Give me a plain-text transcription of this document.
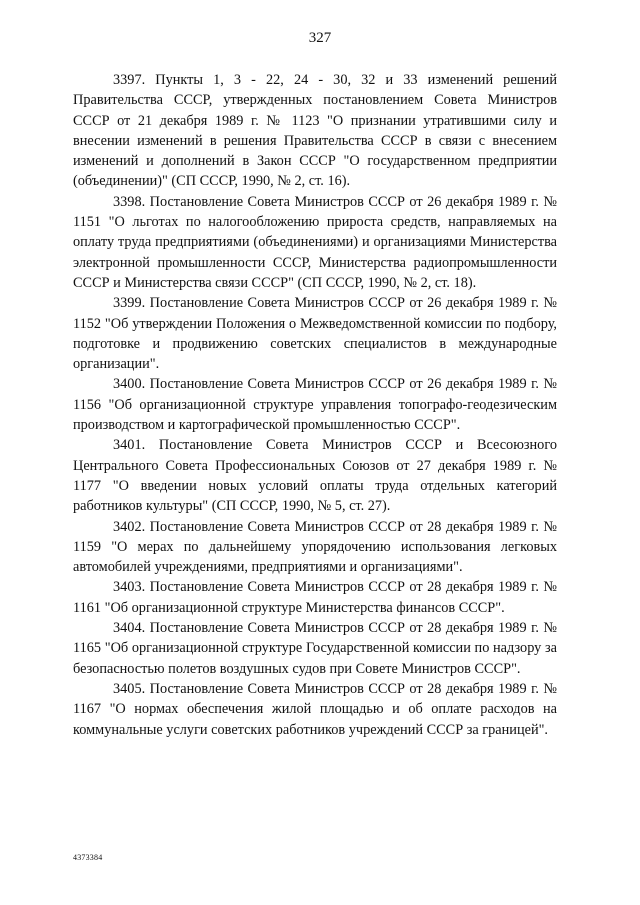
327

3397. Пункты 1, 3 - 22, 24 - 30, 32 и 33 изменений решений Правительства СССР, утвержденных постановлением Совета Министров СССР от 21 декабря 1989 г. № 1123 "О признании утратившими силу и внесении изменений в решения Правительства СССР в связи с внесением изменений и дополнений в Закон СССР "О государственном предприятии (объединении)" (СП СССР, 1990, № 2, ст. 16).

3398. Постановление Совета Министров СССР от 26 декабря 1989 г. № 1151 "О льготах по налогообложению прироста средств, направляемых на оплату труда предприятиями (объединениями) и организациями Министерства электронной промышленности СССР, Министерства радиопромышленности СССР и Министерства связи СССР" (СП СССР, 1990, № 2, ст. 18).

3399. Постановление Совета Министров СССР от 26 декабря 1989 г. № 1152 "Об утверждении Положения о Межведомственной комиссии по подбору, подготовке и продвижению советских специалистов в международные организации".

3400. Постановление Совета Министров СССР от 26 декабря 1989 г. № 1156 "Об организационной структуре управления топографо-геодезическим производством и картографической промышленностью СССР".

3401. Постановление Совета Министров СССР и Всесоюзного Центрального Совета Профессиональных Союзов от 27 декабря 1989 г. № 1177 "О введении новых условий оплаты труда отдельных категорий работников культуры" (СП СССР, 1990, № 5, ст. 27).

3402. Постановление Совета Министров СССР от 28 декабря 1989 г. № 1159 "О мерах по дальнейшему упорядочению использования легковых автомобилей учреждениями, предприятиями и организациями".

3403. Постановление Совета Министров СССР от 28 декабря 1989 г. № 1161 "Об организационной структуре Министерства финансов СССР".

3404. Постановление Совета Министров СССР от 28 декабря 1989 г. № 1165 "Об организационной структуре Государственной комиссии по надзору за безопасностью полетов воздушных судов при Совете Министров СССР".

3405. Постановление Совета Министров СССР от 28 декабря 1989 г. № 1167 "О нормах обеспечения жилой площадью и об оплате расходов на коммунальные услуги советских работников учреждений СССР за границей".

4373384
